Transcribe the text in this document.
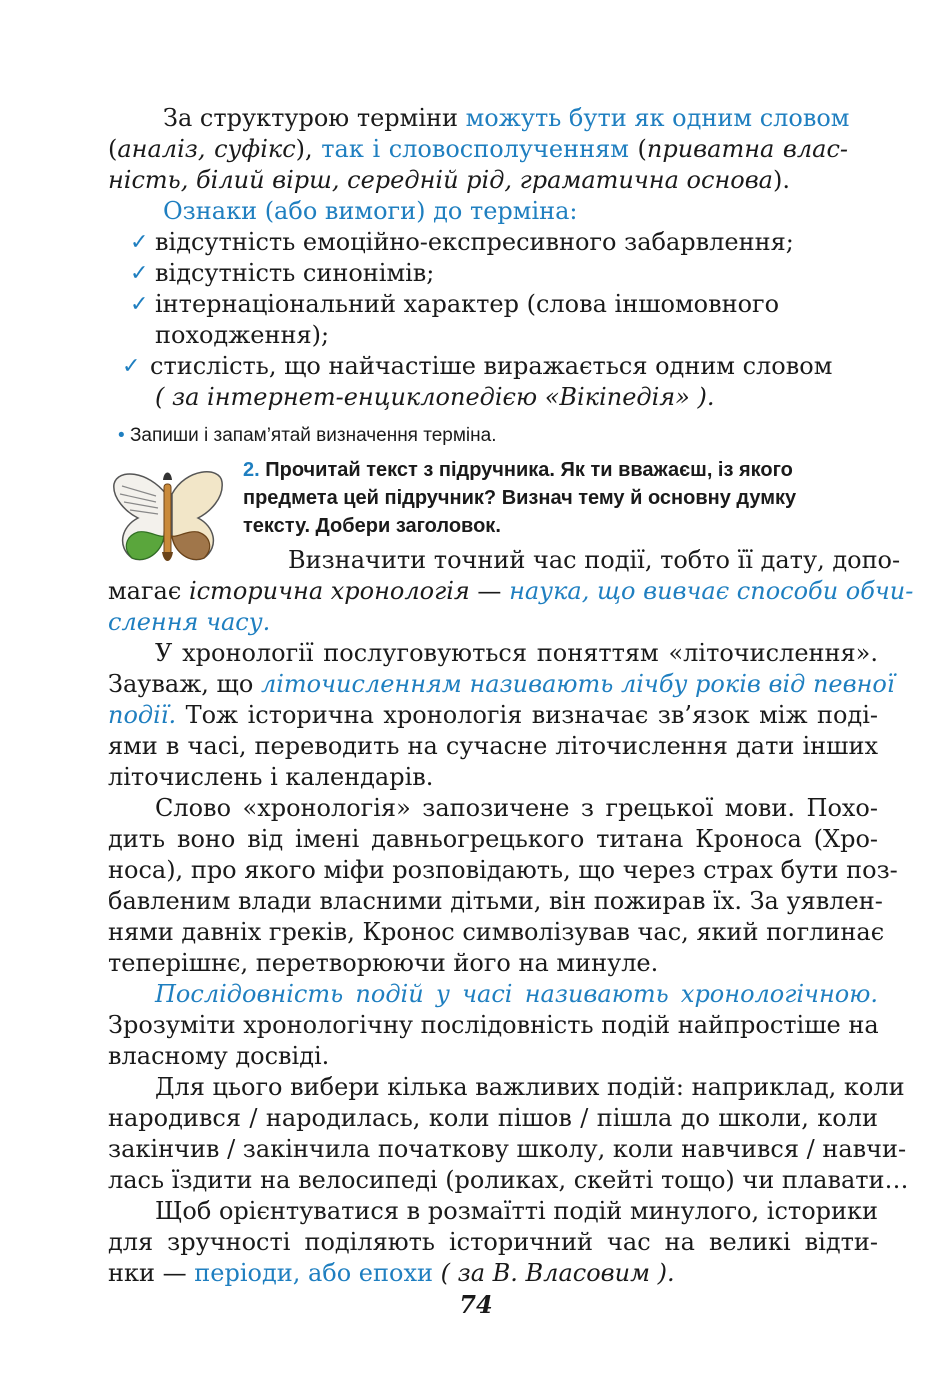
За структурою терміни можуть бути як одним словом
(аналіз, суфікс), так і словосполученням (приватна влас-
ність, білий вірш, середній рід, граматична основа).
Ознаки (або вимоги) до терміна:
✓ відсутність емоційно-експресивного забарвлення;
✓ відсутність синонімів;
✓ інтернаціональний характер (слова іншомовного
походження);
✓ стислість, що найчастіше виражається одним словом
( за інтернет-енциклопедією «Вікіпедія» ).
• Запиши і запам’ятай визначення терміна.
2. Прочитай текст з підручника. Як ти вважаєш, із якого
предмета цей підручник? Визнач тему й основну думку
тексту. Добери заголовок.
Визначити точний час події, тобто її дату, допо-
магає історична хронологія — наука, що вивчає способи обчи-
слення часу.
У хронології послуговуються поняттям «літочислення».
Зауваж, що літочисленням називають лічбу років від певної
події. Тож історична хронологія визначає зв’язок між поді-
ями в часі, переводить на сучасне літочислення дати інших
літочислень і календарів.
Слово «хронологія» запозичене з грецької мови. Похо-
дить воно від імені давньогрецького титана Кроноса (Хро-
носа), про якого міфи розповідають, що через страх бути поз-
бавленим влади власними дітьми, він пожирав їх. За уявлен-
нями давніх греків, Кронос символізував час, який поглинає
теперішнє, перетворюючи його на минуле.
Послідовність подій у часі називають хронологічною.
Зрозуміти хронологічну послідовність подій найпростіше на
власному досвіді.
Для цього вибери кілька важливих подій: наприклад, коли
народився / народилась, коли пішов / пішла до школи, коли
закінчив / закінчила початкову школу, коли навчився / навчи-
лась їздити на велосипеді (роликах, скейті тощо) чи плавати…
Щоб орієнтуватися в розмаїтті подій минулого, історики
для зручності поділяють історичний час на великі відти-
нки — періоди, або епохи ( за В. Власовим ).
74
